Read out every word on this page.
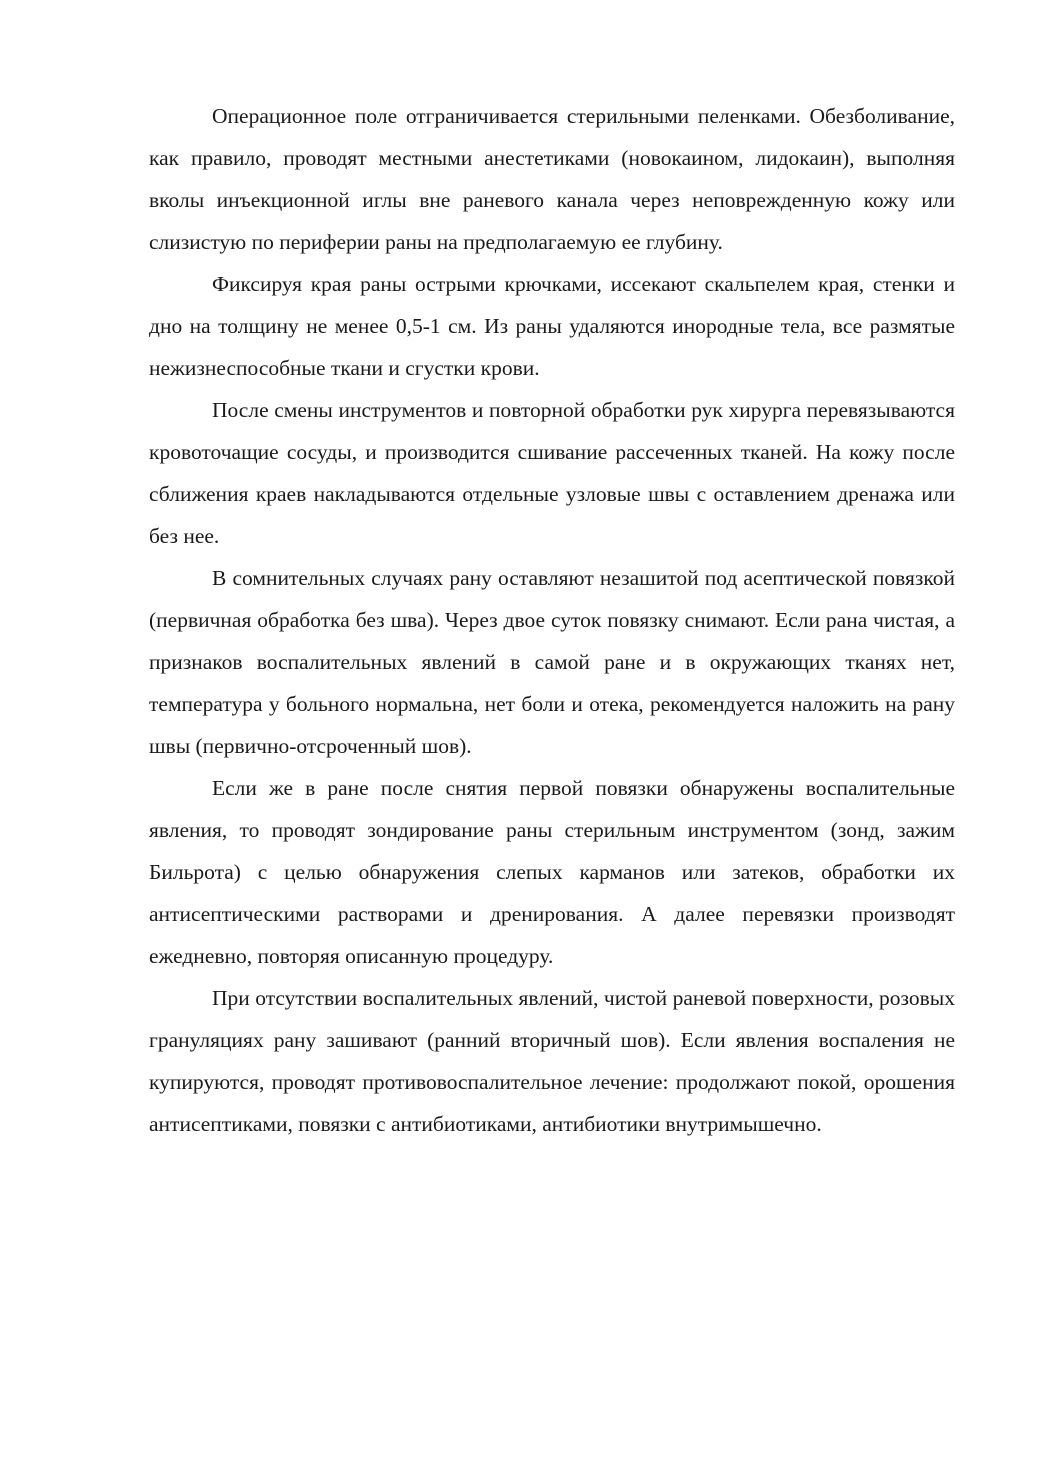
Операционное поле отграничивается стерильными пеленками. Обезболивание, как правило, проводят местными анестетиками (новокаином, лидокаин), выполняя вколы инъекционной иглы вне раневого канала через неповрежденную кожу или слизистую по периферии раны на предполагаемую ее глубину.

Фиксируя края раны острыми крючками, иссекают скальпелем края, стенки и дно на толщину не менее 0,5-1 см. Из раны удаляются инородные тела, все размятые нежизнеспособные ткани и сгустки крови.

После смены инструментов и повторной обработки рук хирурга перевязываются кровоточащие сосуды, и производится сшивание рассеченных тканей. На кожу после сближения краев накладываются отдельные узловые швы с оставлением дренажа или без нее.

В сомнительных случаях рану оставляют незашитой под асептической повязкой (первичная обработка без шва). Через двое суток повязку снимают. Если рана чистая, а признаков воспалительных явлений в самой ране и в окружающих тканях нет, температура у больного нормальна, нет боли и отека, рекомендуется наложить на рану швы (первично-отсроченный шов).

Если же в ране после снятия первой повязки обнаружены воспалительные явления, то проводят зондирование раны стерильным инструментом (зонд, зажим Бильрота) с целью обнаружения слепых карманов или затеков, обработки их антисептическими растворами и дренирования. А далее перевязки производят ежедневно, повторяя описанную процедуру.

При отсутствии воспалительных явлений, чистой раневой поверхности, розовых грануляциях рану зашивают (ранний вторичный шов). Если явления воспаления не купируются, проводят противовоспалительное лечение: продолжают покой, орошения антисептиками, повязки с антибиотиками, антибиотики внутримышечно.
